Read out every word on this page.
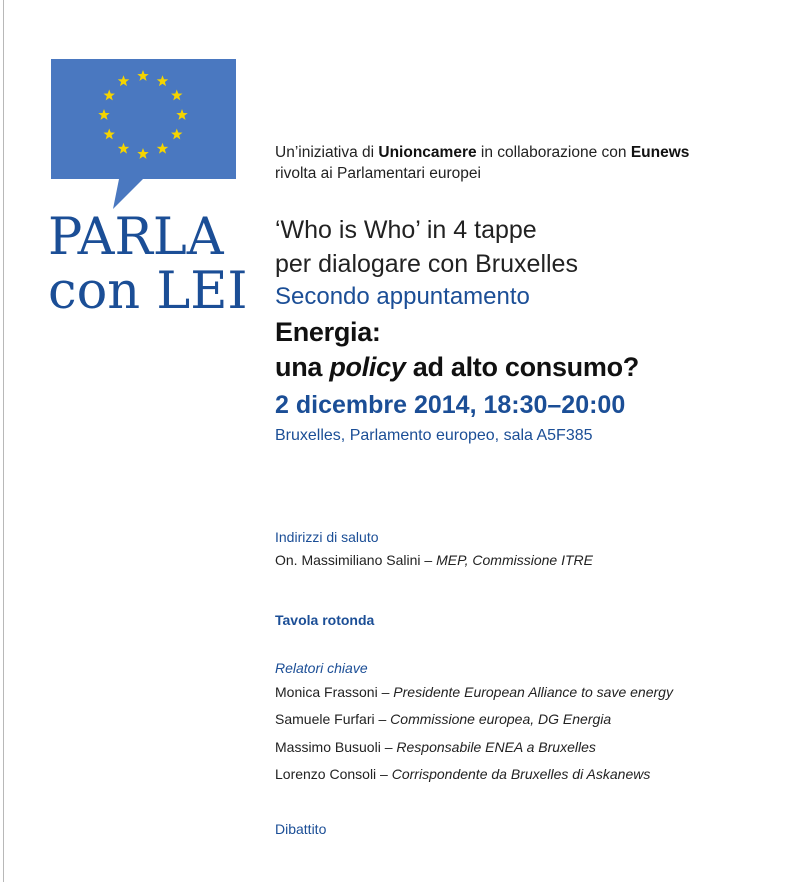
PARLA
con LEI
Un’iniziativa di Unioncamere in collaborazione con Eunews
rivolta ai Parlamentari europei
‘Who is Who’ in 4 tappe
per dialogare con Bruxelles
Secondo appuntamento
Energia:
una policy ad alto consumo?
2 dicembre 2014, 18:30–20:00
Bruxelles, Parlamento europeo, sala A5F385
Indirizzi di saluto
On. Massimiliano Salini – MEP, Commissione ITRE
Tavola rotonda
Relatori chiave
Monica Frassoni – Presidente European Alliance to save energy
Samuele Furfari – Commissione europea, DG Energia
Massimo Busuoli – Responsabile ENEA a Bruxelles
Lorenzo Consoli – Corrispondente da Bruxelles di Askanews
Dibattito
